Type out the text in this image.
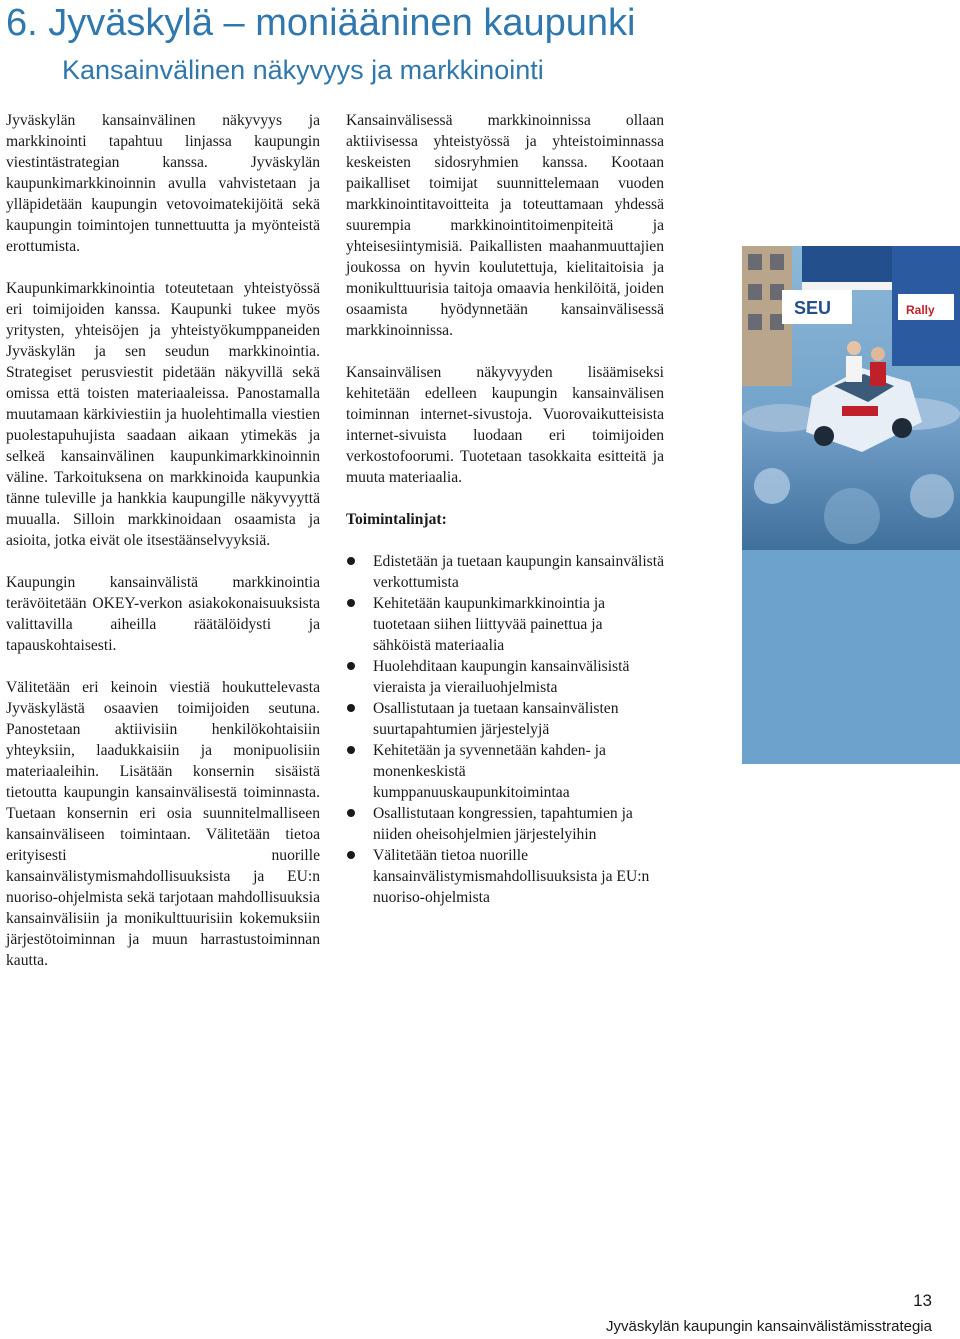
6. Jyväskylä – moniääninen kaupunki
Kansainvälinen näkyvyys ja markkinointi

Jyväskylän kansainvälinen näkyvyys ja markkinointi tapahtuu linjassa kaupungin viestintästrategian kanssa. Jyväskylän kaupunkimarkkinoinnin avulla vahvistetaan ja ylläpidetään kaupungin vetovoimatekijöitä sekä kaupungin toimintojen tunnettuutta ja myönteistä erottumista.

Kaupunkimarkkinointia toteutetaan yhteistyössä eri toimijoiden kanssa. Kaupunki tukee myös yritysten, yhteisöjen ja yhteistyökumppaneiden Jyväskylän ja sen seudun markkinointia. Strategiset perusviestit pidetään näkyvillä sekä omissa että toisten materiaaleissa. Panostamalla muutamaan kärkiviestiin ja huolehtimalla viestien puolestapuhujista saadaan aikaan ytimekäs ja selkeä kansainvälinen kaupunkimarkkinoinnin väline. Tarkoituksena on markkinoida kaupunkia tänne tuleville ja hankkia kaupungille näkyvyyttä muualla. Silloin markkinoidaan osaamista ja asioita, jotka eivät ole itsestäänselvyyksiä.

Kaupungin kansainvälistä markkinointia terävöitetään OKEY-verkon asiakokonaisuuksista valittavilla aiheilla räätälöidysti ja tapauskohtaisesti.

Välitetään eri keinoin viestiä houkuttelevasta Jyväskylästä osaavien toimijoiden seutuna. Panostetaan aktiivisiin henkilökohtaisiin yhteyksiin, laadukkaisiin ja monipuolisiin materiaaleihin. Lisätään konsernin sisäistä tietoutta kaupungin kansainvälisestä toiminnasta. Tuetaan konsernin eri osia suunnitelmalliseen kansainväliseen toimintaan. Välitetään tietoa erityisesti nuorille kansainvälistymismahdollisuuksista ja EU:n nuoriso-ohjelmista sekä tarjotaan mahdollisuuksia kansainvälisiin ja monikulttuurisiin kokemuksiin järjestötoiminnan ja muun harrastustoiminnan kautta.

Kansainvälisessä markkinoinnissa ollaan aktiivisessa yhteistyössä ja yhteistoiminnassa keskeisten sidosryhmien kanssa. Kootaan paikalliset toimijat suunnittelemaan vuoden markkinointitavoitteita ja toteuttamaan yhdessä suurempia markkinointitoimenpiteitä ja yhteisesiintymisiä. Paikallisten maahanmuuttajien joukossa on hyvin koulutettuja, kielitaitoisia ja monikulttuurisia taitoja omaavia henkilöitä, joiden osaamista hyödynnetään kansainvälisessä markkinoinnissa.

Kansainvälisen näkyvyyden lisäämiseksi kehitetään edelleen kaupungin kansainvälisen toiminnan internet-sivustoja. Vuorovaikutteisista internet-sivuista luodaan eri toimijoiden verkostofoorumi. Tuotetaan tasokkaita esitteitä ja muuta materiaalia.

Toimintalinjat:

Edistetään ja tuetaan kaupungin kansainvälistä verkottumista
Kehitetään kaupunkimarkkinointia ja tuotetaan siihen liittyvää painettua ja sähköistä materiaalia
Huolehditaan kaupungin kansainvälisistä vieraista ja vierailuohjelmista
Osallistutaan ja tuetaan kansainvälisten suurtapahtumien järjestelyjä
Kehitetään ja syvennetään kahden- ja monenkeskistä kumppanuuskaupunkitoimintaa
Osallistutaan kongressien, tapahtumien ja niiden oheisohjelmien järjestelyihin
Välitetään tietoa nuorille kansainvälistymismahdollisuuksista ja EU:n nuoriso-ohjelmista
SEU	Rally
13
Jyväskylän kaupungin kansainvälistämisstrategia
